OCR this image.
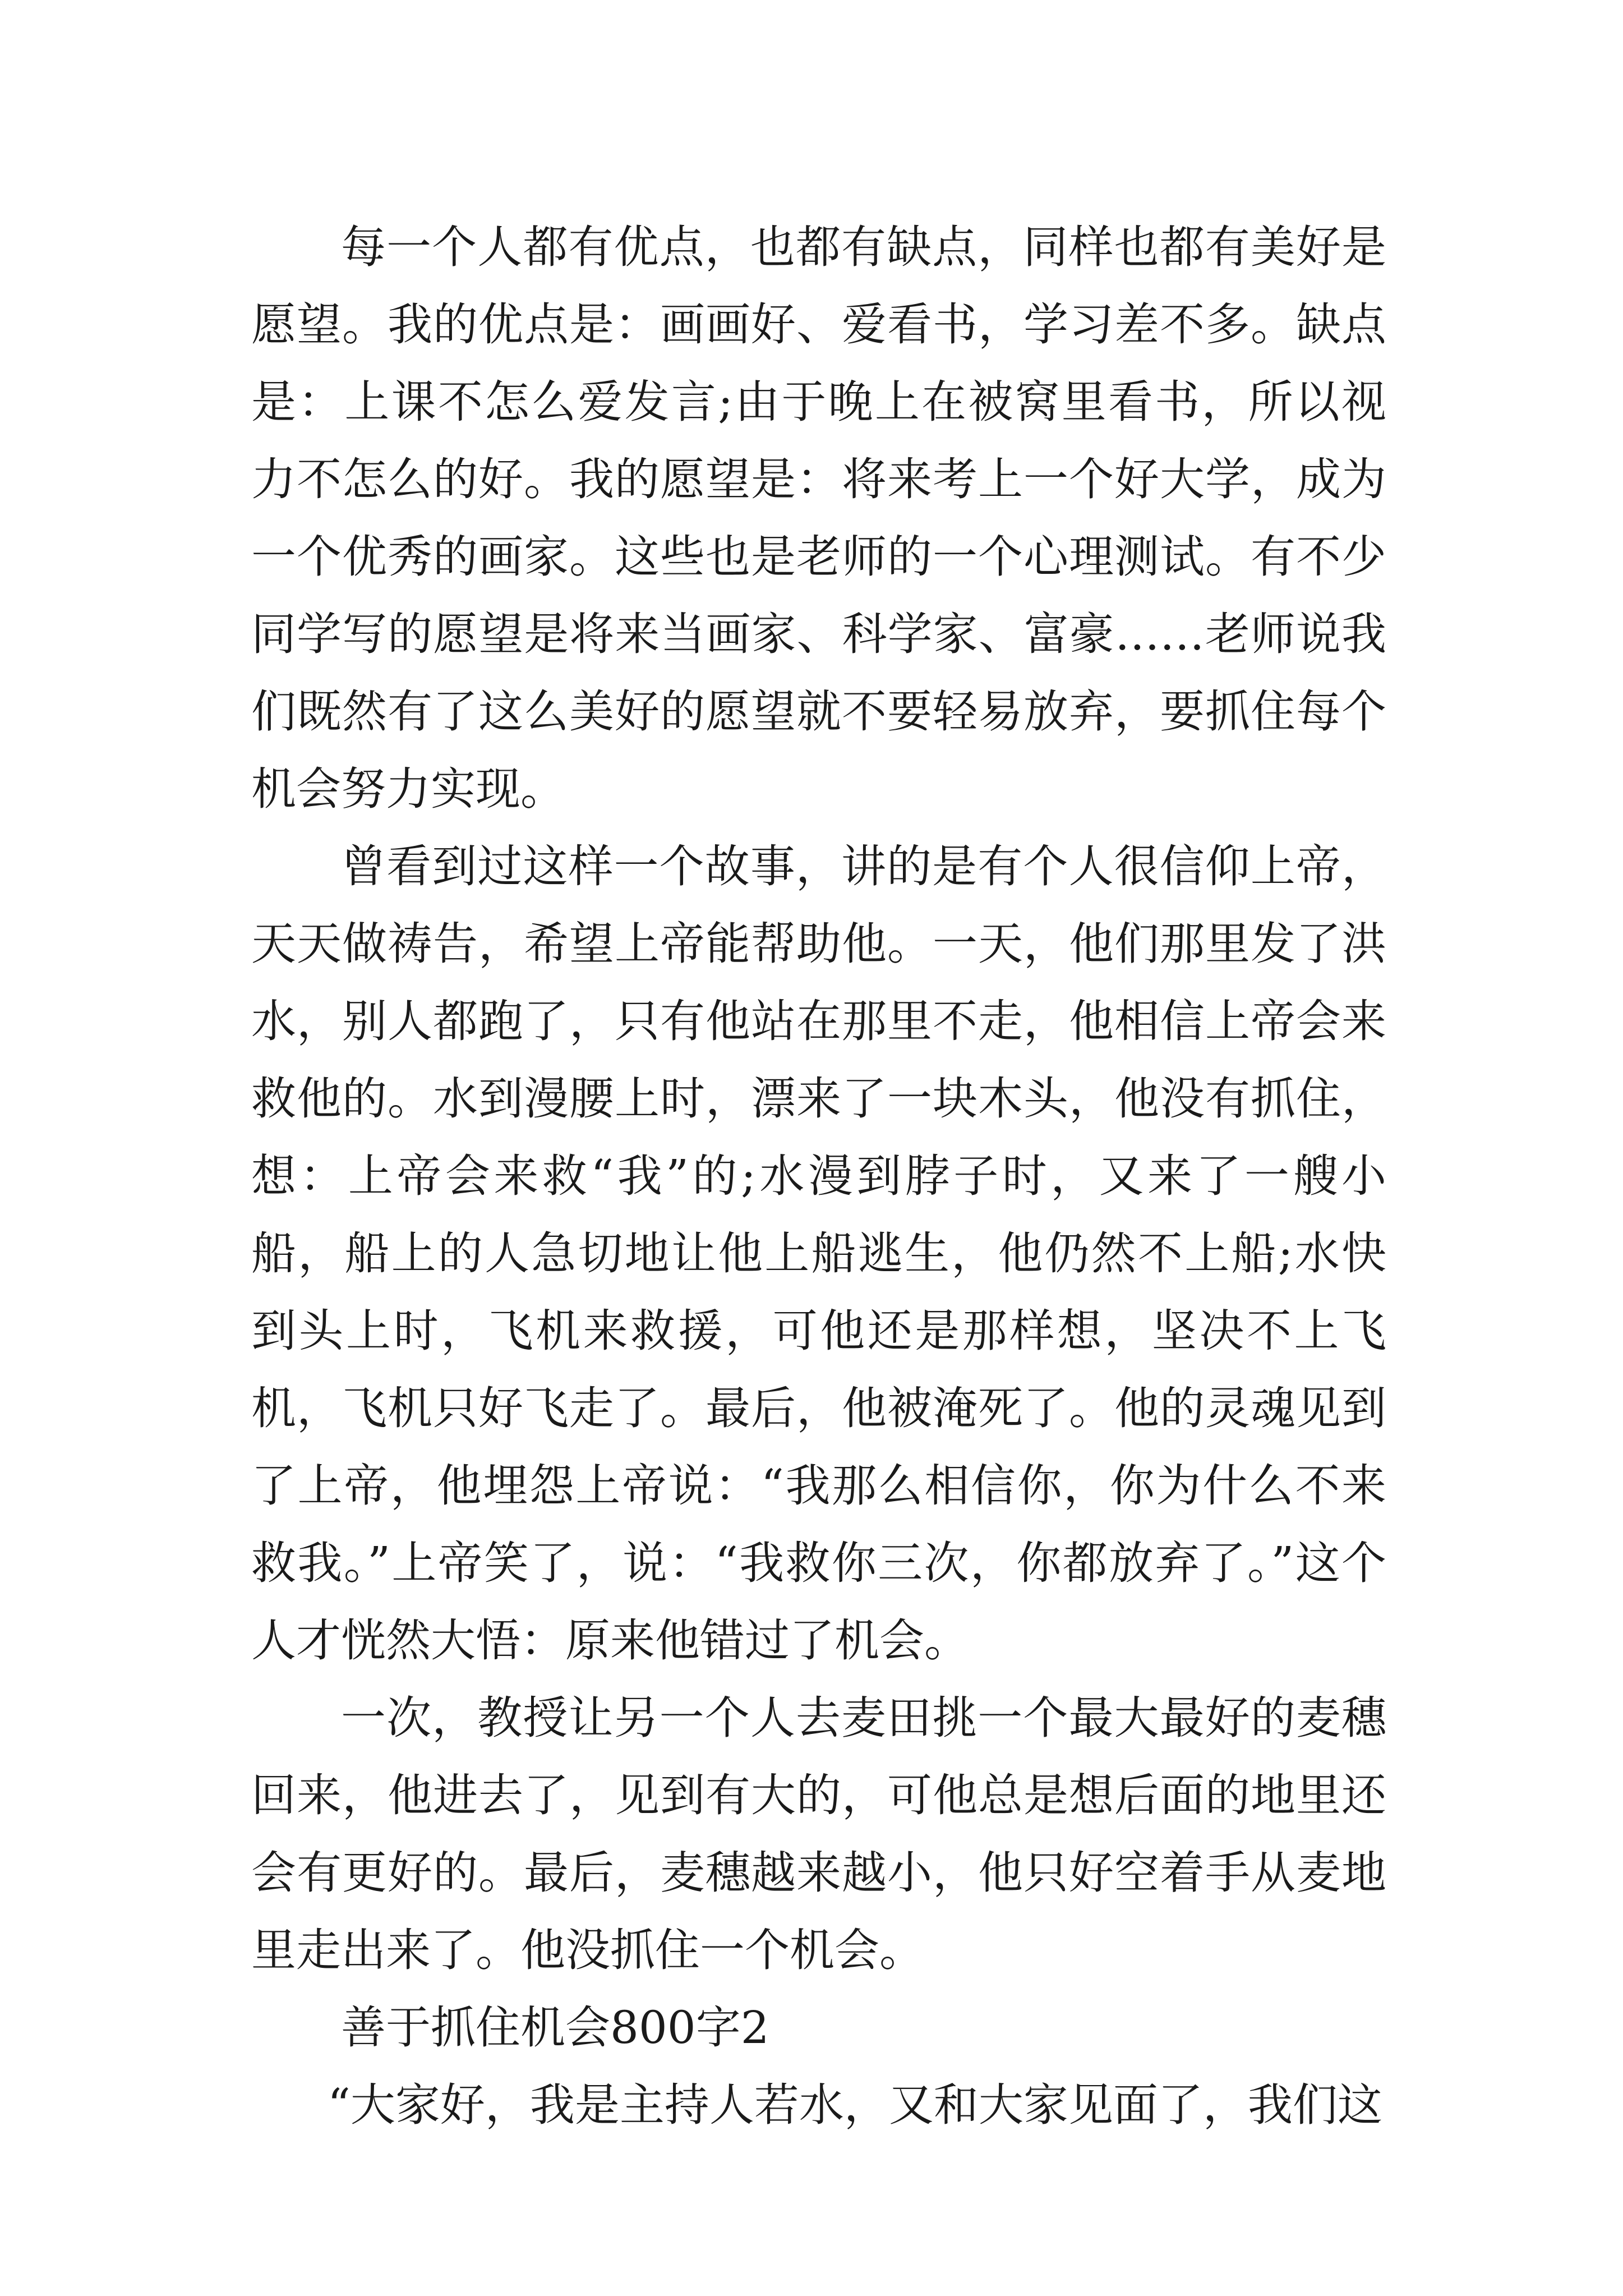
每一个人都有优点，也都有缺点，同样也都有美好是愿望。我的优点是：画画好、爱看书，学习差不多。缺点是：上课不怎么爱发言;由于晚上在被窝里看书，所以视力不怎么的好。我的愿望是：将来考上一个好大学，成为一个优秀的画家。这些也是老师的一个心理测试。有不少同学写的愿望是将来当画家、科学家、富豪……老师说我们既然有了这么美好的愿望就不要轻易放弃，要抓住每个机会努力实现。

曾看到过这样一个故事，讲的是有个人很信仰上帝，天天做祷告，希望上帝能帮助他。一天，他们那里发了洪水，别人都跑了，只有他站在那里不走，他相信上帝会来救他的。水到漫腰上时，漂来了一块木头，他没有抓住，想：上帝会来救“我”的;水漫到脖子时，又来了一艘小船，船上的人急切地让他上船逃生，他仍然不上船;水快到头上时，飞机来救援，可他还是那样想，坚决不上飞机，飞机只好飞走了。最后，他被淹死了。他的灵魂见到了上帝，他埋怨上帝说：“我那么相信你，你为什么不来救我。”上帝笑了，说：“我救你三次，你都放弃了。”这个人才恍然大悟：原来他错过了机会。

一次，教授让另一个人去麦田挑一个最大最好的麦穗回来，他进去了，见到有大的，可他总是想后面的地里还会有更好的。最后，麦穗越来越小，他只好空着手从麦地里走出来了。他没抓住一个机会。

善于抓住机会800字2

“大家好，我是主持人若水，又和大家见面了，我们这
